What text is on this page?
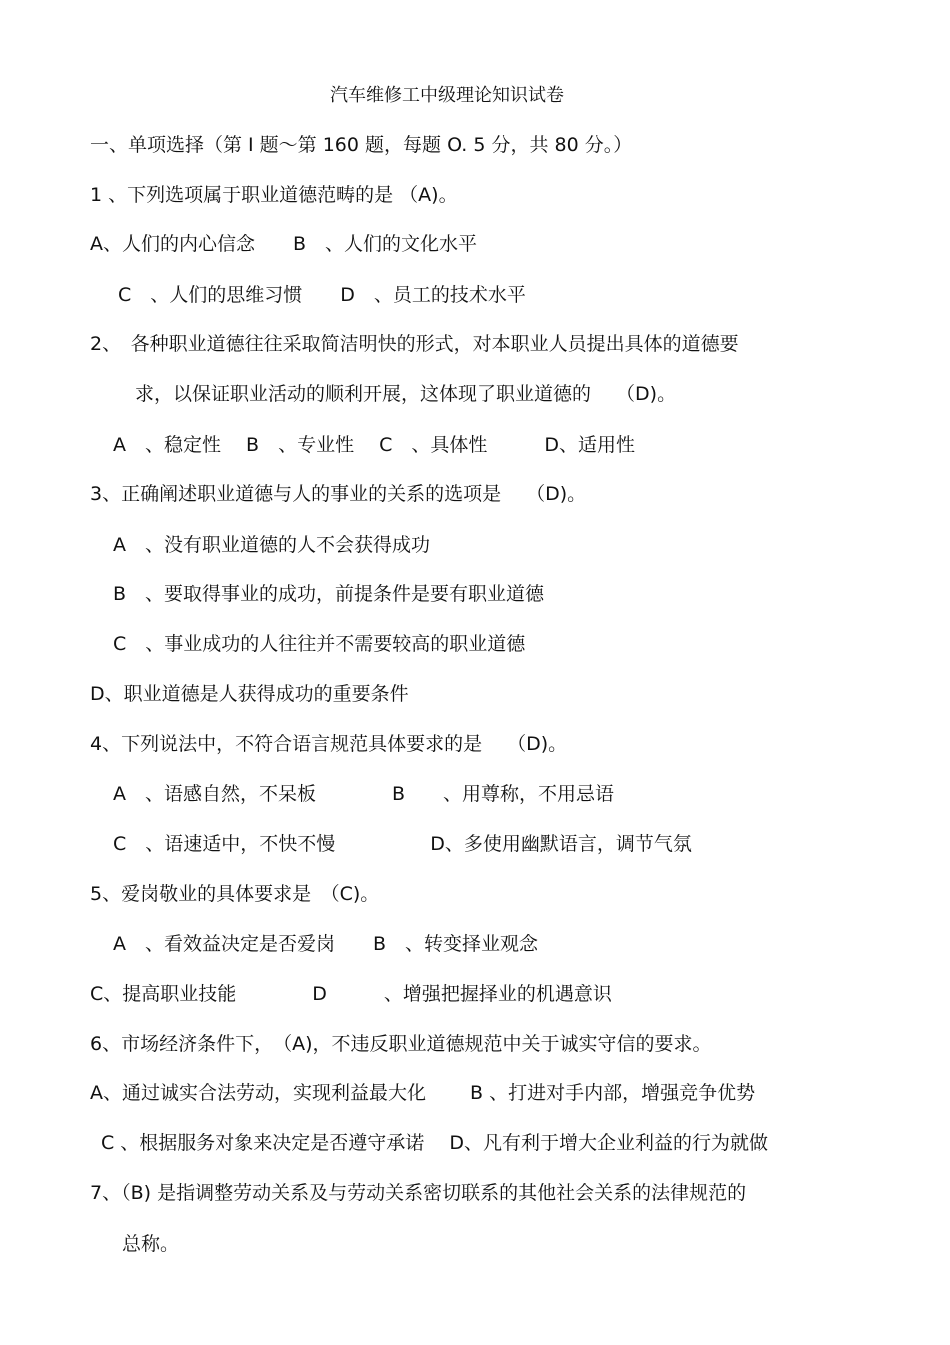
汽车维修工中级理论知识试卷
一、单项选择（第 I 题～第 160 题，每题 O. 5 分，共 80 分。）
1 、下列选项属于职业道德范畴的是 （A)。
A、人们的内心信念　　B　、人们的文化水平
C　、人们的思维习惯　　D　、员工的技术水平
2、　各种职业道德往往采取简洁明快的形式，对本职业人员提出具体的道德要
求，以保证职业活动的顺利开展，这体现了职业道德的　 （D)。
A　、稳定性　 B　、专业性　 C　、具体性　　　D、适用性
3、正确阐述职业道德与人的事业的关系的选项是　 （D)。
A　、没有职业道德的人不会获得成功
B　、要取得事业的成功，前提条件是要有职业道德
C　、事业成功的人往往并不需要较高的职业道德
D、职业道德是人获得成功的重要条件
4、下列说法中，不符合语言规范具体要求的是　 （D)。
A　、语感自然，不呆板　　　　B　　、用尊称，不用忌语
C　、语速适中，不快不慢　　　　　D、多使用幽默语言，调节气氛
5、爱岗敬业的具体要求是　（C)。
A　、看效益决定是否爱岗　　B　、转变择业观念
C、提高职业技能　　　　D　　　、增强把握择业的机遇意识
6、市场经济条件下，　（A)，不违反职业道德规范中关于诚实守信的要求。
A、通过诚实合法劳动，实现利益最大化　　 B 、打进对手内部，增强竞争优势
C 、根据服务对象来决定是否遵守承诺　 D、凡有利于增大企业利益的行为就做
7、（B) 是指调整劳动关系及与劳动关系密切联系的其他社会关系的法律规范的
总称。
